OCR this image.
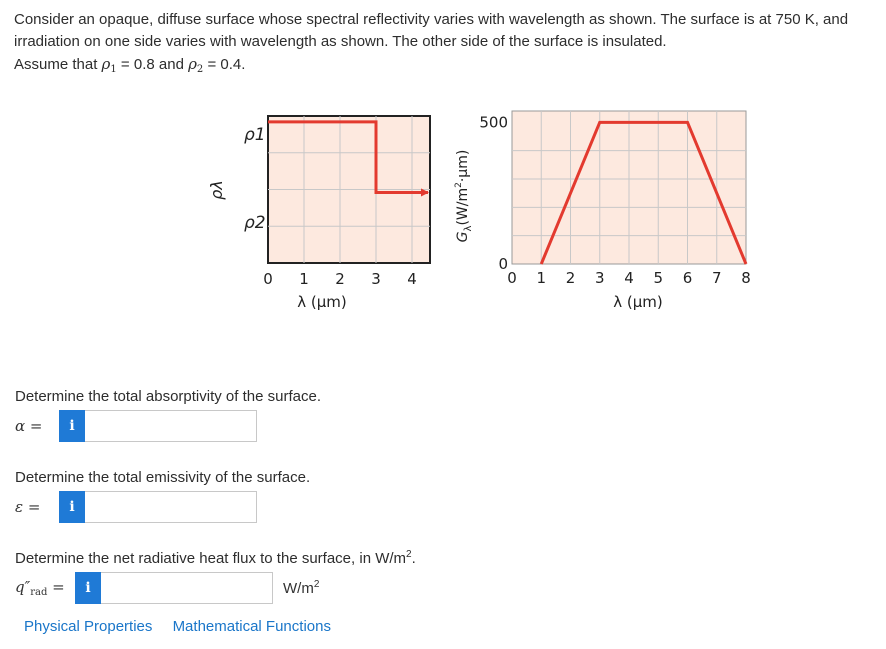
Consider an opaque, diffuse surface whose spectral reflectivity varies with wavelength as shown. The surface is at 750 K, and irradiation on one side varies with wavelength as shown. The other side of the surface is insulated.

Assume that $\rho_1 = 0.8$ and $\rho_2 = 0.4$.

ρ1
ρ2
ρλ
0 1 2 3 4
λ (μm)
0
500
$G_\lambda(W/m^2\cdot\mu m)$
0 1 2 3 4 5 6 7 8
λ (μm)
Determine the total absorptivity of the surface.
α =	i
Determine the total emissivity of the surface.
ε =	i
Determine the net radiative heat flux to the surface, in $W/m^2$.
$q''_{rad}$ =	i	$W/m^2$
Physical Properties Mathematical Functions
